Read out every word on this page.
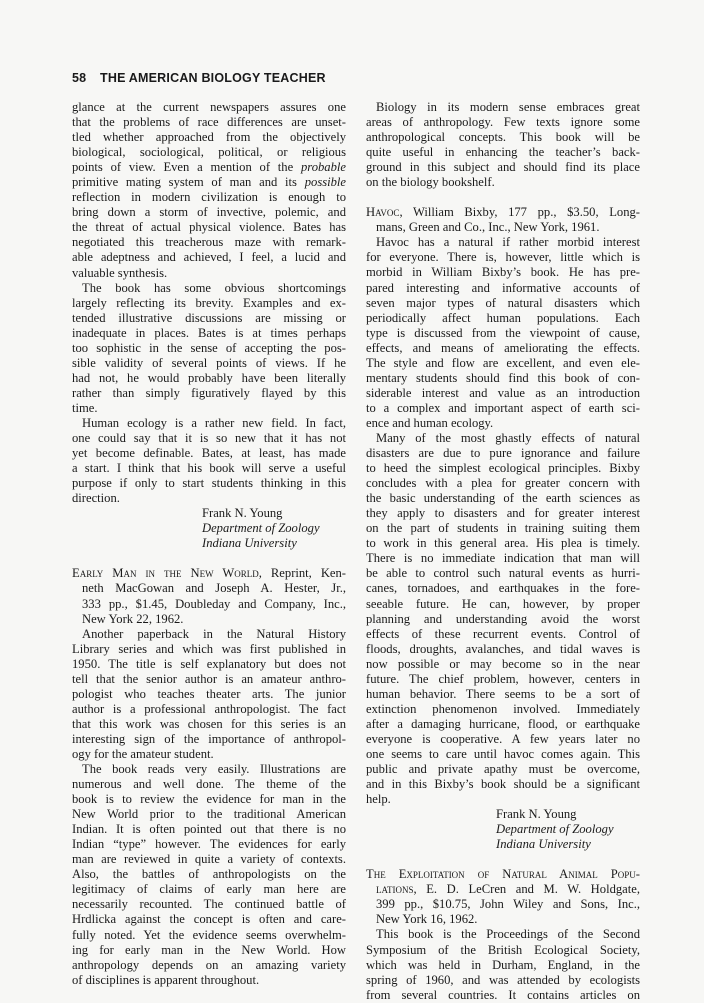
58 THE AMERICAN BIOLOGY TEACHER
glance at the current newspapers assures one
that the problems of race differences are unset-
tled whether approached from the objectively
biological, sociological, political, or religious
points of view. Even a mention of the probable
primitive mating system of man and its possible
reflection in modern civilization is enough to
bring down a storm of invective, polemic, and
the threat of actual physical violence. Bates has
negotiated this treacherous maze with remark-
able adeptness and achieved, I feel, a lucid and
valuable synthesis.
The book has some obvious shortcomings
largely reflecting its brevity. Examples and ex-
tended illustrative discussions are missing or
inadequate in places. Bates is at times perhaps
too sophistic in the sense of accepting the pos-
sible validity of several points of views. If he
had not, he would probably have been literally
rather than simply figuratively flayed by this
time.
Human ecology is a rather new field. In fact,
one could say that it is so new that it has not
yet become definable. Bates, at least, has made
a start. I think that his book will serve a useful
purpose if only to start students thinking in this
direction.
Frank N. Young
Department of Zoology
Indiana University
Early Man in the New World, Reprint, Ken-
neth MacGowan and Joseph A. Hester, Jr.,
333 pp., $1.45, Doubleday and Company, Inc.,
New York 22, 1962.
Another paperback in the Natural History
Library series and which was first published in
1950. The title is self explanatory but does not
tell that the senior author is an amateur anthro-
pologist who teaches theater arts. The junior
author is a professional anthropologist. The fact
that this work was chosen for this series is an
interesting sign of the importance of anthropol-
ogy for the amateur student.
The book reads very easily. Illustrations are
numerous and well done. The theme of the
book is to review the evidence for man in the
New World prior to the traditional American
Indian. It is often pointed out that there is no
Indian “type” however. The evidences for early
man are reviewed in quite a variety of contexts.
Also, the battles of anthropologists on the
legitimacy of claims of early man here are
necessarily recounted. The continued battle of
Hrdlicka against the concept is often and care-
fully noted. Yet the evidence seems overwhelm-
ing for early man in the New World. How
anthropology depends on an amazing variety
of disciplines is apparent throughout.
Biology in its modern sense embraces great
areas of anthropology. Few texts ignore some
anthropological concepts. This book will be
quite useful in enhancing the teacher’s back-
ground in this subject and should find its place
on the biology bookshelf.
Havoc, William Bixby, 177 pp., $3.50, Long-
mans, Green and Co., Inc., New York, 1961.
Havoc has a natural if rather morbid interest
for everyone. There is, however, little which is
morbid in William Bixby’s book. He has pre-
pared interesting and informative accounts of
seven major types of natural disasters which
periodically affect human populations. Each
type is discussed from the viewpoint of cause,
effects, and means of ameliorating the effects.
The style and flow are excellent, and even ele-
mentary students should find this book of con-
siderable interest and value as an introduction
to a complex and important aspect of earth sci-
ence and human ecology.
Many of the most ghastly effects of natural
disasters are due to pure ignorance and failure
to heed the simplest ecological principles. Bixby
concludes with a plea for greater concern with
the basic understanding of the earth sciences as
they apply to disasters and for greater interest
on the part of students in training suiting them
to work in this general area. His plea is timely.
There is no immediate indication that man will
be able to control such natural events as hurri-
canes, tornadoes, and earthquakes in the fore-
seeable future. He can, however, by proper
planning and understanding avoid the worst
effects of these recurrent events. Control of
floods, droughts, avalanches, and tidal waves is
now possible or may become so in the near
future. The chief problem, however, centers in
human behavior. There seems to be a sort of
extinction phenomenon involved. Immediately
after a damaging hurricane, flood, or earthquake
everyone is cooperative. A few years later no
one seems to care until havoc comes again. This
public and private apathy must be overcome,
and in this Bixby’s book should be a significant
help.
Frank N. Young
Department of Zoology
Indiana University
The Exploitation of Natural Animal Popu-
lations, E. D. LeCren and M. W. Holdgate,
399 pp., $10.75, John Wiley and Sons, Inc.,
New York 16, 1962.
This book is the Proceedings of the Second
Symposium of the British Ecological Society,
which was held in Durham, England, in the
spring of 1960, and was attended by ecologists
from several countries. It contains articles on
